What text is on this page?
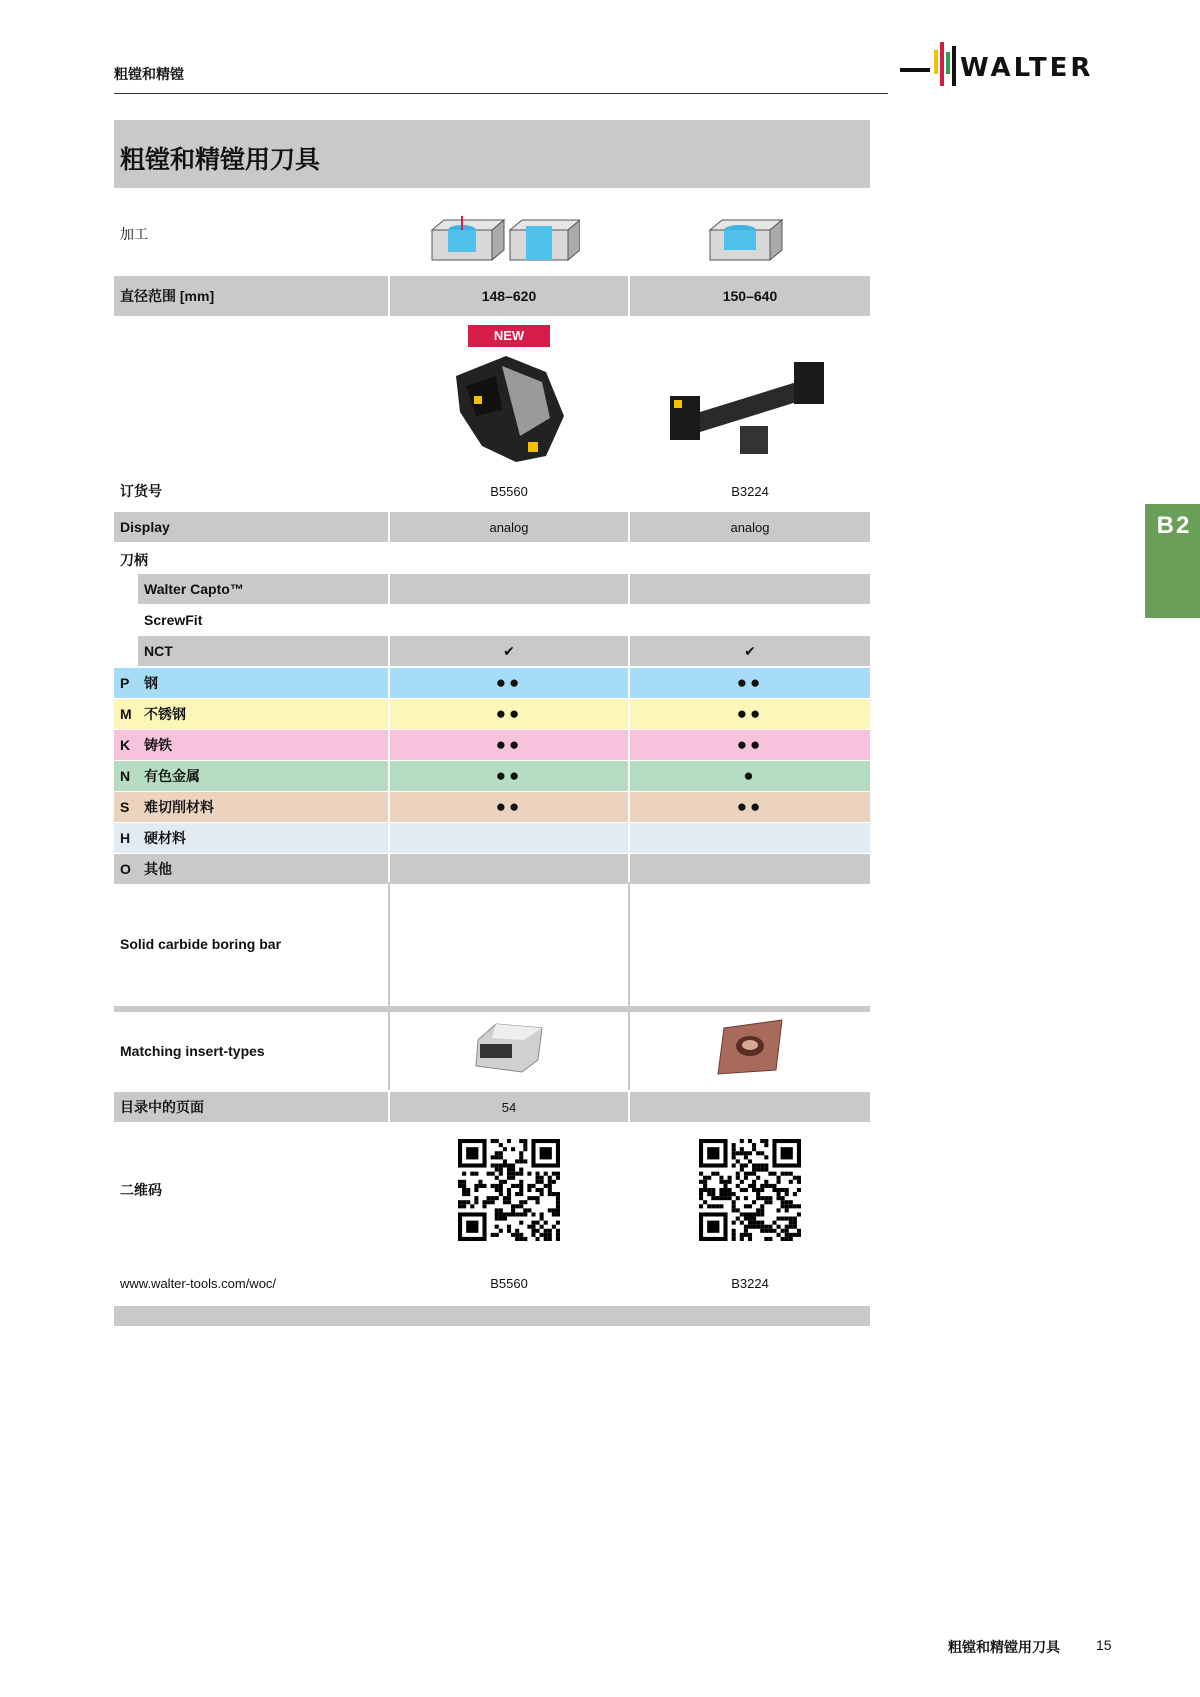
粗镗和精镗	WALTER
粗镗和精镗用刀具
B2
加工
直径范围 [mm]	148–620	150–640
NEW
订货号	B5560	B3224
Display	analog	analog
刀柄
Walter Capto™
ScrewFit
NCT	✔	✔
P	钢	●●	●●
M 不锈钢	●●	●●
K 铸铁	●●	●●
N 有色金属	●●	●
S	难切削材料	●●	●●
H 硬材料
O 其他
Solid carbide boring bar
Matching insert-types
目录中的页面	54
二维码
www.walter-tools.com/woc/	B5560	B3224
粗镗和精镗用刀具	15
